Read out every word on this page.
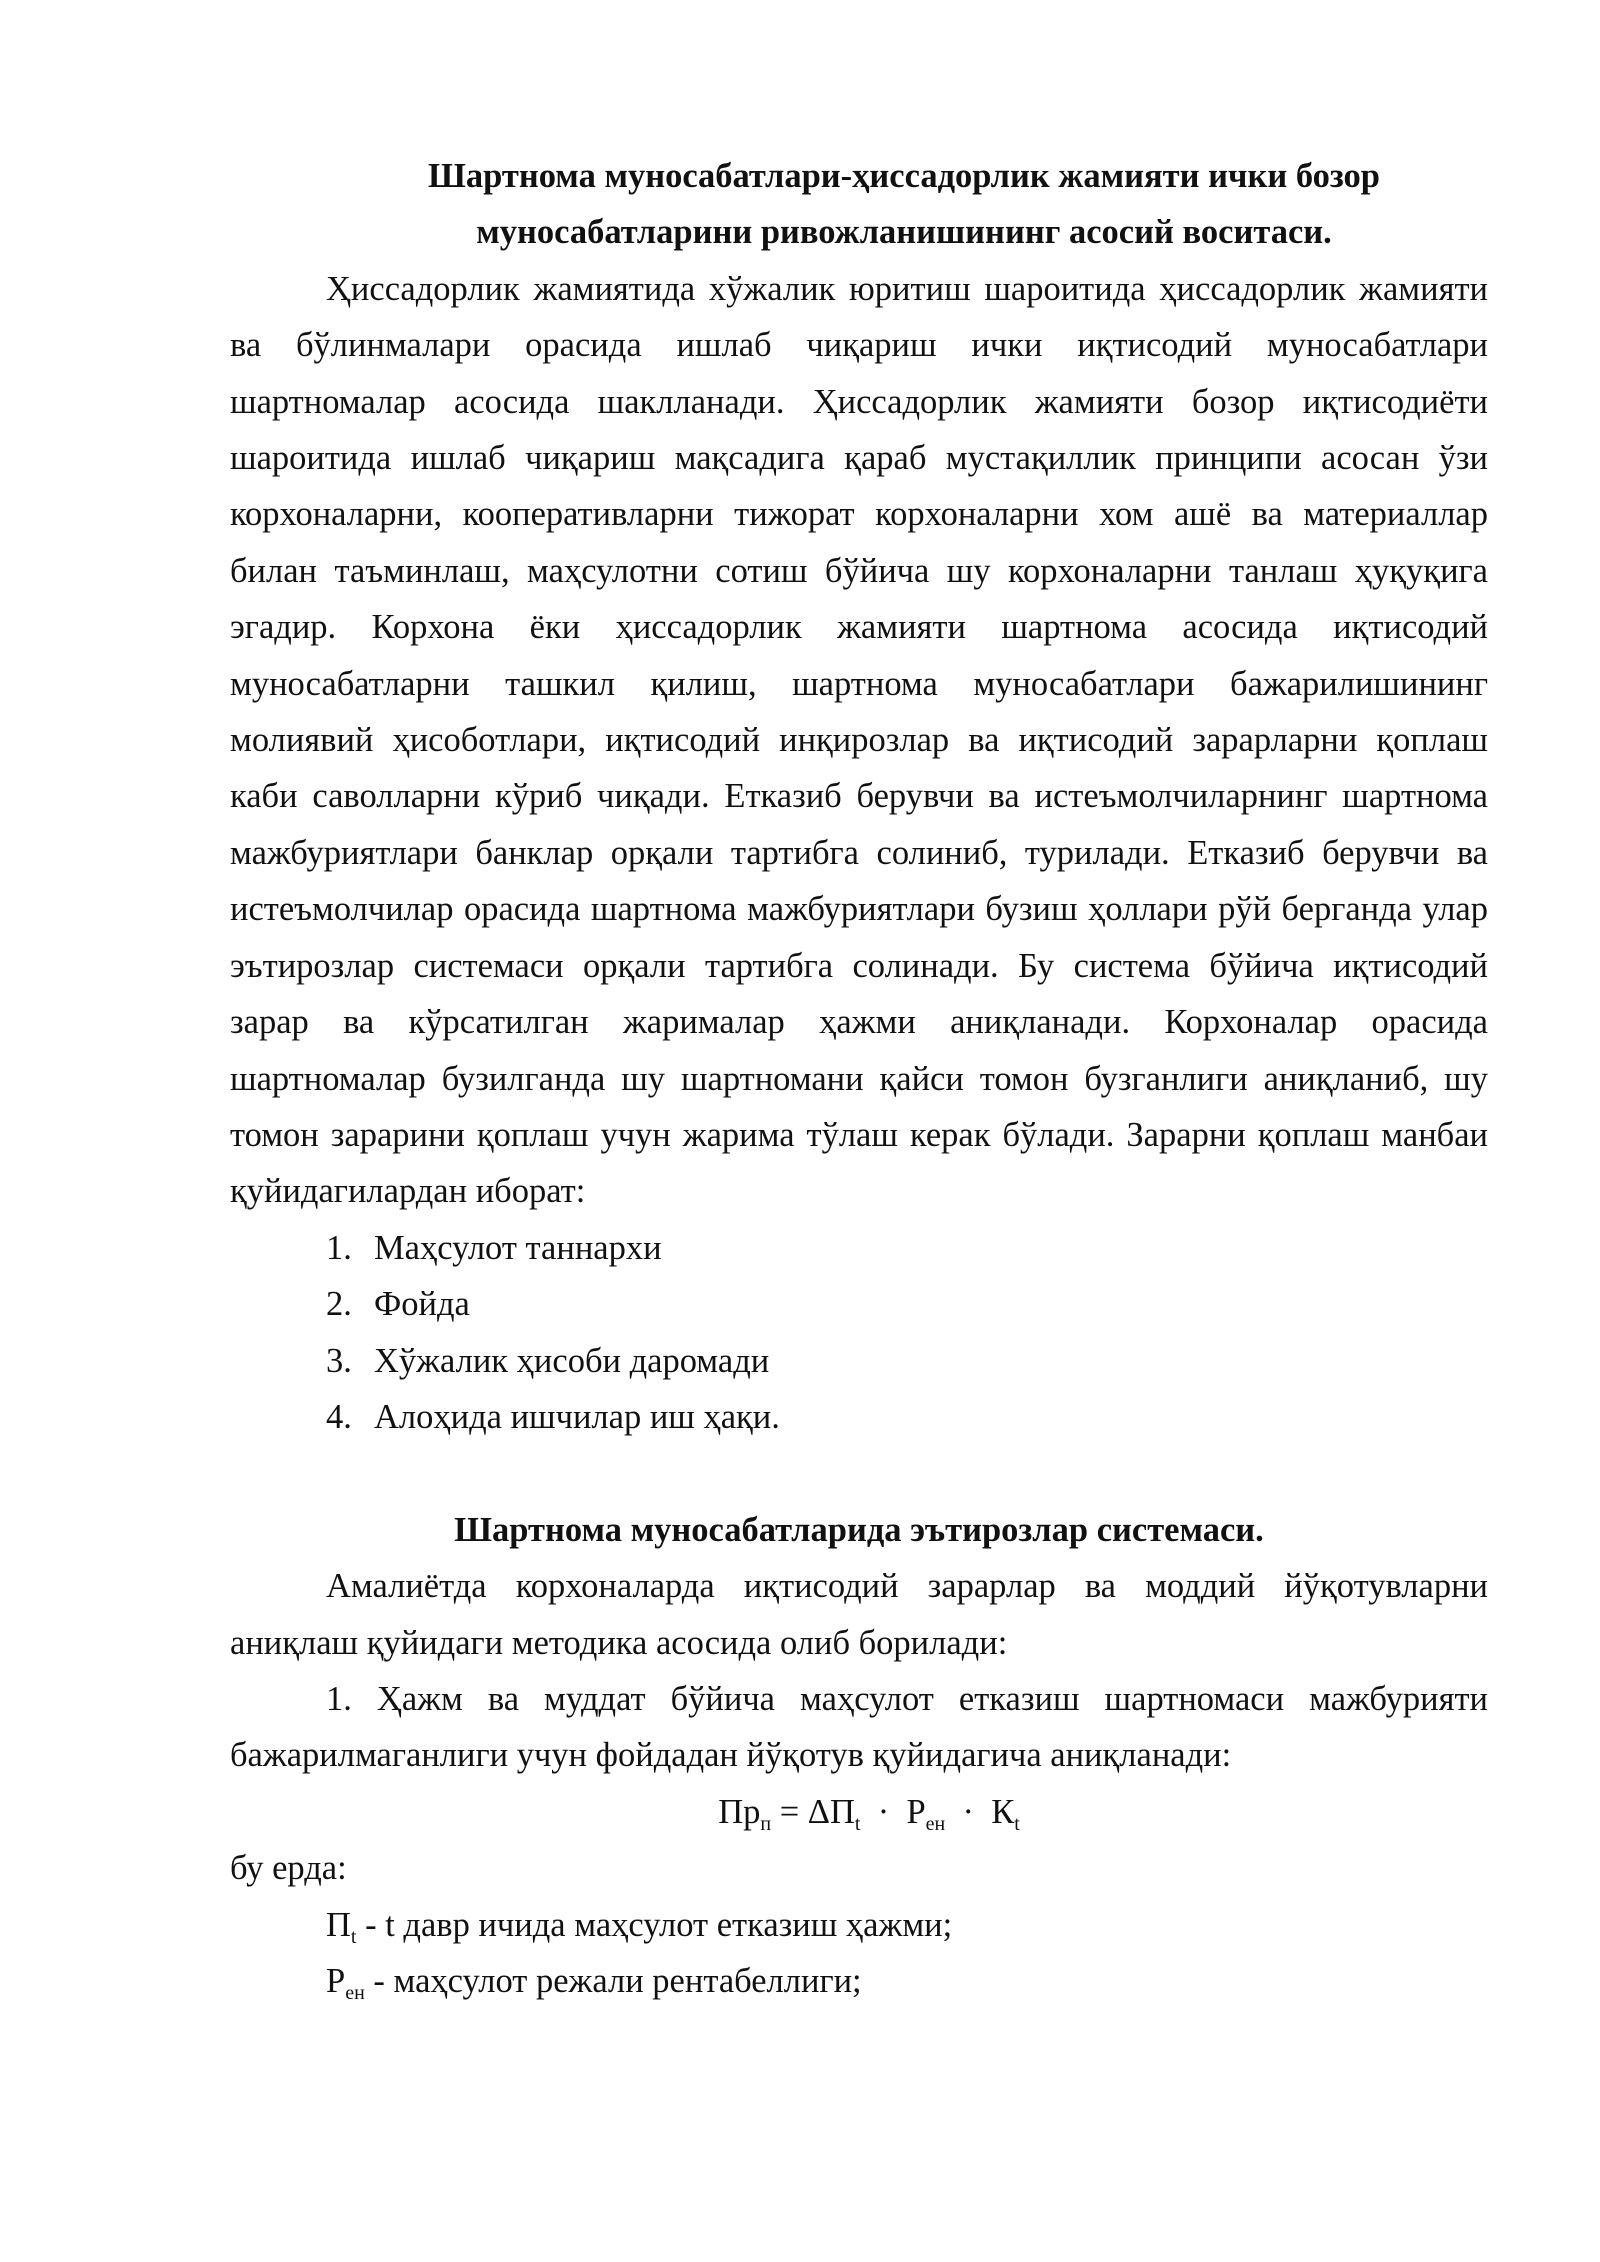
Шартнома муносабатлари-ҳиссадорлик жамияти ички бозор
муносабатларини ривожланишининг асосий воситаси.

Ҳиссадорлик жамиятида хўжалик юритиш шароитида ҳиссадорлик жамияти ва бўлинмалари орасида ишлаб чиқариш ички иқтисодий муносабатлари шартномалар асосида шаклланади. Ҳиссадорлик жамияти бозор иқтисодиёти шароитида ишлаб чиқариш мақсадига қараб мустақиллик принципи асосан ўзи корхоналарни, кооперативларни тижорат корхоналарни хом ашё ва материаллар билан таъминлаш, маҳсулотни сотиш бўйича шу корхоналарни танлаш ҳуқуқига эгадир. Корхона ёки ҳиссадорлик жамияти шартнома асосида иқтисодий муносабатларни ташкил қилиш, шартнома муносабатлари бажарилишининг молиявий ҳисоботлари, иқтисодий инқирозлар ва иқтисодий зарарларни қоплаш каби саволларни кўриб чиқади. Етказиб берувчи ва истеъмолчиларнинг шартнома мажбуриятлари банклар орқали тартибга солиниб, турилади. Етказиб берувчи ва истеъмолчилар орасида шартнома мажбуриятлари бузиш ҳоллари рўй берганда улар эътирозлар системаси орқали тартибга солинади. Бу система бўйича иқтисодий зарар ва кўрсатилган жарималар ҳажми аниқланади. Корхоналар орасида шартномалар бузилганда шу шартномани қайси томон бузганлиги аниқланиб, шу томон зарарини қоплаш учун жарима тўлаш керак бўлади. Зарарни қоплаш манбаи қуйидагилардан иборат:

1. Маҳсулот таннархи
2. Фойда
3. Хўжалик ҳисоби даромади
4. Алоҳида ишчилар иш ҳақи.

Шартнома муносабатларида эътирозлар системаси.

Амалиётда корхоналарда иқтисодий зарарлар ва моддий йўқотувларни аниқлаш қуйидаги методика асосида олиб борилади:

1. Ҳажм ва муддат бўйича маҳсулот етказиш шартномаси мажбурияти бажарилмаганлиги учун фойдадан йўқотув қуйидагича аниқланади:

$Пр_п = \Delta П_t \cdot Р_{ен} \cdot К_t$

бу ерда:

$П_t$ - t давр ичида маҳсулот етказиш ҳажми;

$Р_{ен}$ - маҳсулот режали рентабеллиги;
